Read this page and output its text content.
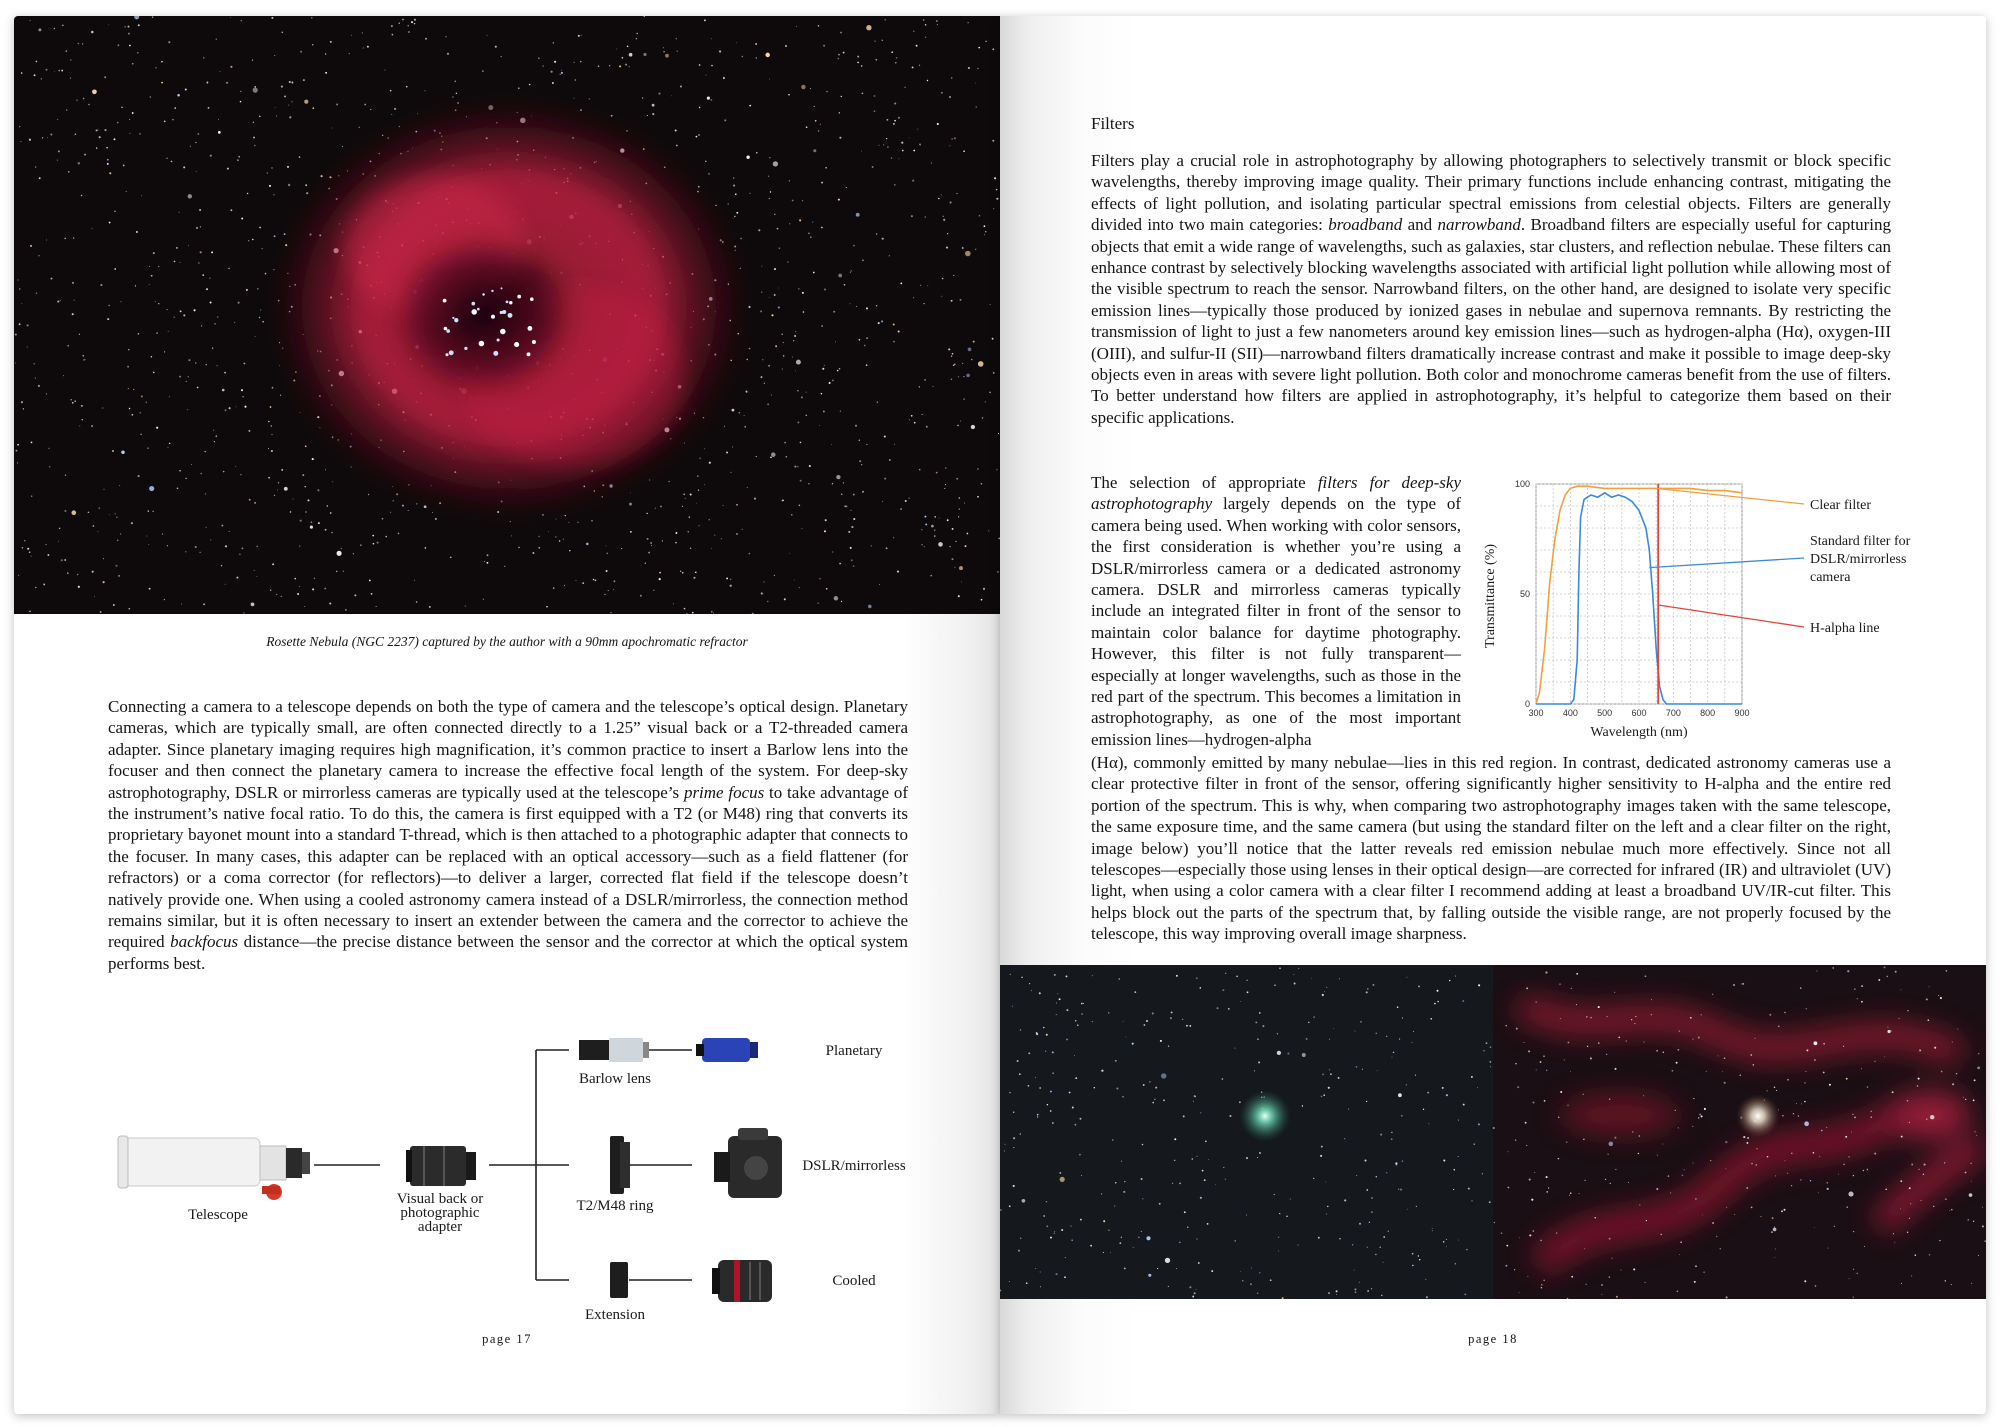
Rosette Nebula (NGC 2237) captured by the author with a 90mm apochromatic refractor
Connecting a camera to a telescope depends on both the type of camera and the telescope’s optical design. Planetary cameras, which are typically small, are often connected directly to a 1.25” visual back or a T2-threaded camera adapter. Since planetary imaging requires high magnification, it’s common practice to insert a Barlow lens into the focuser and then connect the planetary camera to increase the effective focal length of the system. For deep-sky astrophotography, DSLR or mirrorless cameras are typically used at the telescope’s prime focus to take advantage of the instrument’s native focal ratio. To do this, the camera is first equipped with a T2 (or M48) ring that converts its proprietary bayonet mount into a standard T-thread, which is then attached to a photographic adapter that connects to the focuser. In many cases, this adapter can be replaced with an optical accessory—such as a field flattener (for refractors) or a coma corrector (for reflectors)—to deliver a larger, corrected flat field if the telescope doesn’t natively provide one. When using a cooled astronomy camera instead of a DSLR/mirrorless, the connection method remains similar, but it is often necessary to insert an extender between the camera and the corrector to achieve the required backfocus distance—the precise distance between the sensor and the corrector at which the optical system performs best.
Telescope
Visual back or
photographic
adapter
Barlow lens
T2/M48 ring
Extension
Planetary
DSLR/mirrorless
Cooled
page 17	page 18
Filters
Filters play a crucial role in astrophotography by allowing photographers to selectively transmit or block specific wavelengths, thereby improving image quality. Their primary functions include enhancing contrast, mitigating the effects of light pollution, and isolating particular spectral emissions from celestial objects. Filters are generally divided into two main categories: broadband and narrowband. Broadband filters are especially useful for capturing objects that emit a wide range of wavelengths, such as galaxies, star clusters, and reflection nebulae. These filters can enhance contrast by selectively blocking wavelengths associated with artificial light pollution while allowing most of the visible spectrum to reach the sensor. Narrowband filters, on the other hand, are designed to isolate very specific emission lines—typically those produced by ionized gases in nebulae and supernova remnants. By restricting the transmission of light to just a few nanometers around key emission lines—such as hydrogen-alpha (Hα), oxygen-III (OIII), and sulfur-II (SII)—narrowband filters dramatically increase contrast and make it possible to image deep-sky objects even in areas with severe light pollution. Both color and monochrome cameras benefit from the use of filters. To better understand how filters are applied in astrophotography, it’s helpful to categorize them based on their specific applications.
The selection of appropriate filters for deep-sky astrophotography largely depends on the type of camera being used. When working with color sensors, the first consideration is whether you’re using a DSLR/mirrorless camera or a dedicated astronomy camera. DSLR and mirrorless cameras typically include an integrated filter in front of the sensor to maintain color balance for daytime photography. However, this filter is not fully transparent—especially at longer wavelengths, such as those in the red part of the spectrum. This becomes a limitation in astrophotography, as one of the most important emission lines—hydrogen-alpha
(Hα), commonly emitted by many nebulae—lies in this red region. In contrast, dedicated astronomy cameras use a clear protective filter in front of the sensor, offering significantly higher sensitivity to H-alpha and the entire red portion of the spectrum. This is why, when comparing two astrophotography images taken with the same telescope, the same exposure time, and the same camera (but using the standard filter on the left and a clear filter on the right, image below) you’ll notice that the latter reveals red emission nebulae much more effectively. Since not all telescopes—especially those using lenses in their optical design—are corrected for infrared (IR) and ultraviolet (UV) light, when using a color camera with a clear filter I recommend adding at least a broadband UV/IR-cut filter. This helps block out the parts of the spectrum that, by falling outside the visible range, are not properly focused by the telescope, this way improving overall image sharpness.
300 400 500 600 700 800 900
0
50
100
Transmittance (%)
Wavelength (nm)
Clear filter
Standard filter for
DSLR/mirrorless
camera
H-alpha line
